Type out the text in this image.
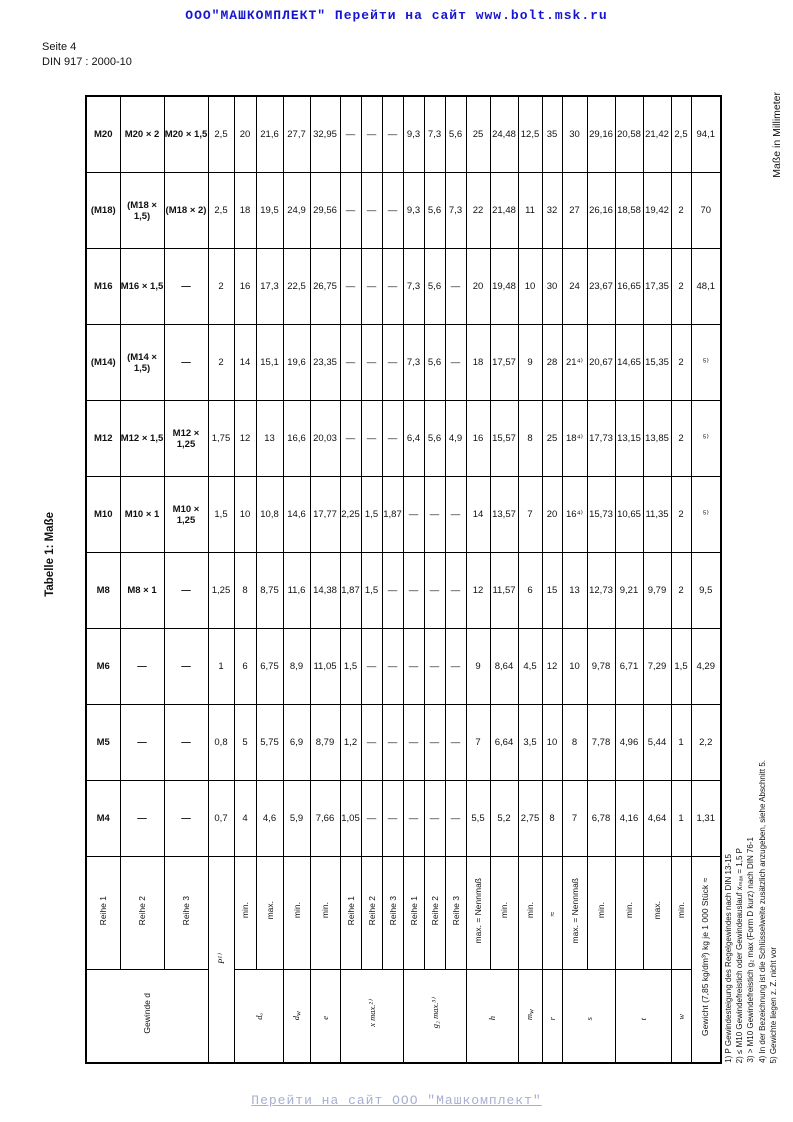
ООО"МАШКОМПЛЕКТ" Перейти на сайт www.bolt.msk.ru
Seite 4
DIN 917 : 2000-10
Maße in Millimeter
Tabelle 1: Maße
M20	M20 × 2	M20 × 1,5	2,5	20	21,6	27,7	32,95	—	—	—	9,3	7,3	5,6	25	24,48	12,5	35	30	29,16	20,58	21,42	2,5	94,1
(M18)	(M18 × 1,5)	(M18 × 2)	2,5	18	19,5	24,9	29,56	—	—	—	9,3	5,6	7,3	22	21,48	11	32	27	26,16	18,58	19,42	2	70
M16	M16 × 1,5	—	2	16	17,3	22,5	26,75	—	—	—	7,3	5,6	—	20	19,48	10	30	24	23,67	16,65	17,35	2	48,1
(M14)	(M14 × 1,5)	—	2	14	15,1	19,6	23,35	—	—	—	7,3	5,6	—	18	17,57	9	28	21⁴⁾	20,67	14,65	15,35	2	⁵⁾
M12	M12 × 1,5	M12 × 1,25	1,75	12	13	16,6	20,03	—	—	—	6,4	5,6	4,9	16	15,57	8	25	18⁴⁾	17,73	13,15	13,85	2	⁵⁾
M10	M10 × 1	M10 × 1,25	1,5	10	10,8	14,6	17,77	2,25	1,5	1,87	—	—	—	14	13,57	7	20	16⁴⁾	15,73	10,65	11,35	2	⁵⁾
M8	M8 × 1	—	1,25	8	8,75	11,6	14,38	1,87	1,5	—	—	—	—	12	11,57	6	15	13	12,73	9,21	9,79	2	9,5
M6	—	—	1	6	6,75	8,9	11,05	1,5	—	—	—	—	—	9	8,64	4,5	12	10	9,78	6,71	7,29	1,5	4,29
M5	—	—	0,8	5	5,75	6,9	8,79	1,2	—	—	—	—	—	7	6,64	3,5	10	8	7,78	4,96	5,44	1	2,2
M4	—	—	0,7	4	4,6	5,9	7,66	1,05	—	—	—	—	—	5,5	5,2	2,75	8	7	6,78	4,16	4,64	1	1,31
Reihe 1	Reihe 2	Reihe 3	P¹⁾	min.	max.	min.	min.	Reihe 1	Reihe 2	Reihe 3	Reihe 1	Reihe 2	Reihe 3	max. = Nennmaß	min.	min.	≈	max. = Nennmaß	min.	min.	max.	min.	Gewicht (7,85 kg/dm³) kg je 1 000 Stück ≈
Gewinde d				dₐ		$d_w$	e	x max.²⁾			g₂ max.³⁾			h		$m_w$	r	s		t		w		1) P Gewindesteigung des Regelgewindes nach DIN 13-15 2) ≤ M10 Gewindefreistich oder Gewindeauslauf xₘₐₓ = 1,5 P 3) > M10 Gewindefreistich g₂ max (Form D kurz) nach DIN 76-1 4) In der Bezeichnung ist die Schlüsselweite zusätzlich anzugeben, siehe Abschnitt 5. 5) Gewichte liegen z. Z. nicht vor
Перейти на сайт ООО "Машкомплект"
